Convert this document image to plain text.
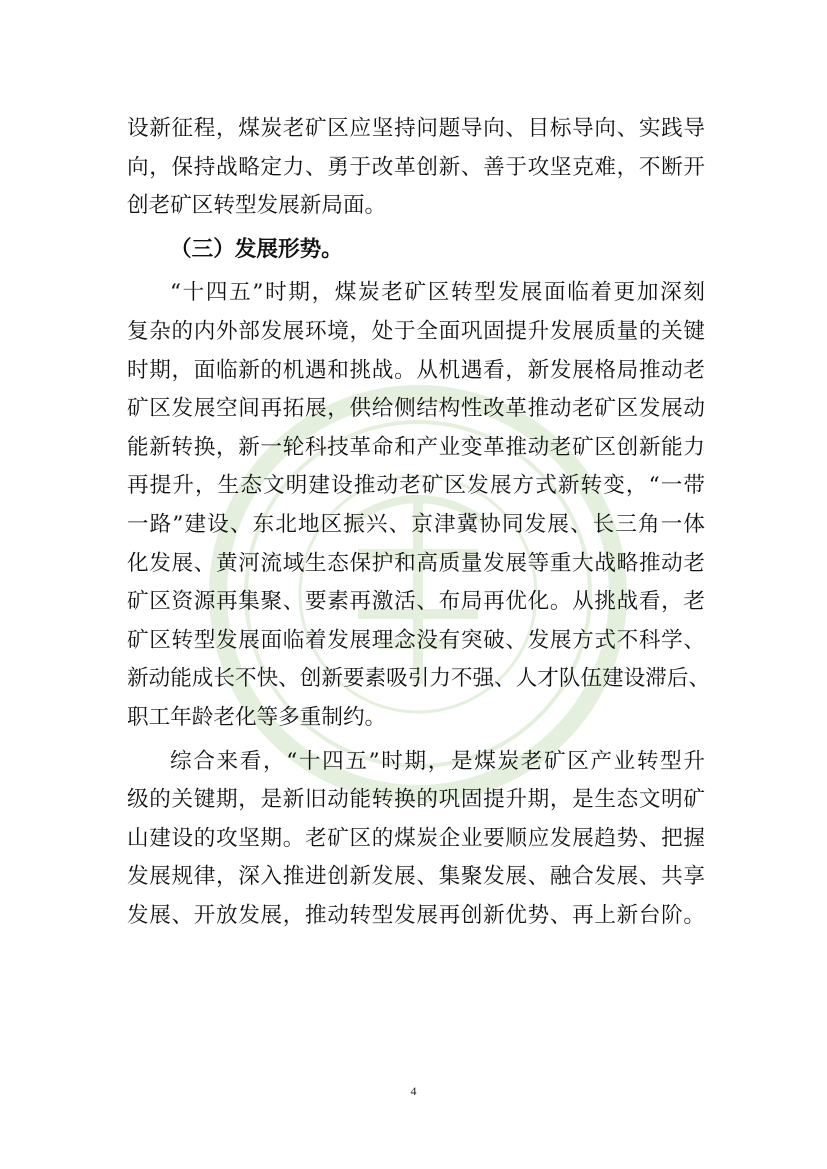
设新征程，煤炭老矿区应坚持问题导向、目标导向、实践导
向，保持战略定力、勇于改革创新、善于攻坚克难，不断开
创老矿区转型发展新局面。
（三）发展形势。
“十四五”时期，煤炭老矿区转型发展面临着更加深刻
复杂的内外部发展环境，处于全面巩固提升发展质量的关键
时期，面临新的机遇和挑战。从机遇看，新发展格局推动老
矿区发展空间再拓展，供给侧结构性改革推动老矿区发展动
能新转换，新一轮科技革命和产业变革推动老矿区创新能力
再提升，生态文明建设推动老矿区发展方式新转变，“一带
一路”建设、东北地区振兴、京津冀协同发展、长三角一体
化发展、黄河流域生态保护和高质量发展等重大战略推动老
矿区资源再集聚、要素再激活、布局再优化。从挑战看，老
矿区转型发展面临着发展理念没有突破、发展方式不科学、
新动能成长不快、创新要素吸引力不强、人才队伍建设滞后、
职工年龄老化等多重制约。
综合来看，“十四五”时期，是煤炭老矿区产业转型升
级的关键期，是新旧动能转换的巩固提升期，是生态文明矿
山建设的攻坚期。老矿区的煤炭企业要顺应发展趋势、把握
发展规律，深入推进创新发展、集聚发展、融合发展、共享
发展、开放发展，推动转型发展再创新优势、再上新台阶。
4
